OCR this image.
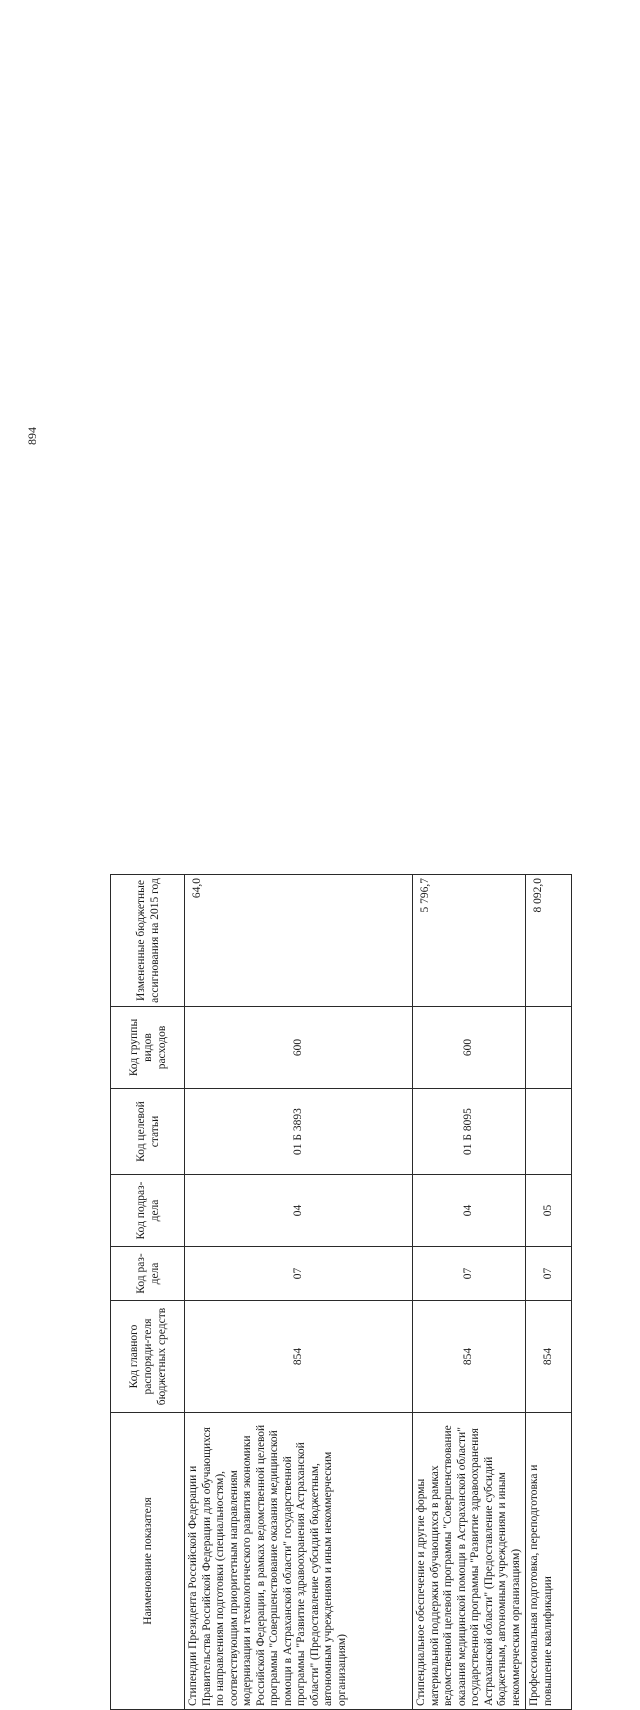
894
Наименование показателя	Код главного распоряди-теля бюджетных средств	Код раз-дела	Код подраз-дела	Код целевой статьи	Код группы видов расходов	Измененные бюджетные ассигнования на 2015 год
Стипендии Президента Российской Федерации и Правительства Российской Федерации для обучающихся по направлениям подготовки (специальностям), соответствующим приоритетным направлениям модернизации и технологического развития экономики Российской Федерации, в рамках ведомственной целевой программы "Совершенствование оказания медицинской помощи в Астраханской области" государственной программы "Развитие здравоохранения Астраханской области" (Предоставление субсидий бюджетным, автономным учреждениям и иным некоммерческим организациям)	854	07	04	01 Б 3893	600	64,0
Стипендиальное обеспечение и другие формы материальной поддержки обучающихся в рамках ведомственной целевой программы "Совершенствование оказания медицинской помощи в Астраханской области" государственной программы "Развитие здравоохранения Астраханской области" (Предоставление субсидий бюджетным, автономным учреждениям и иным некоммерческим организациям)	854	07	04	01 Б 8095	600	5 796,7
Профессиональная подготовка, переподготовка и повышение квалификации	854	07	05			8 092,0
